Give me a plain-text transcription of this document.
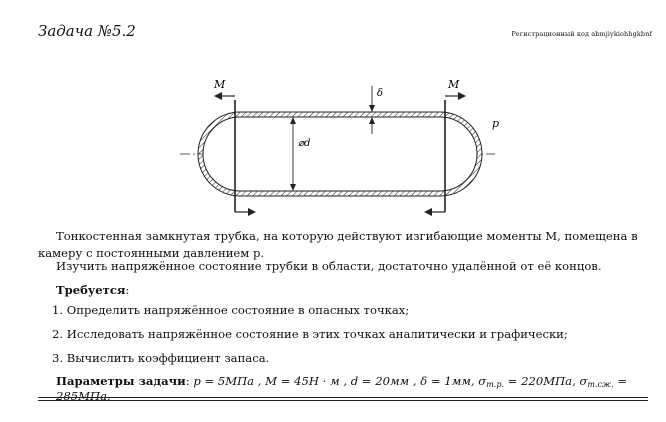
Задача №5.2	Регистрационный код abmjiykiohhgkbnf
M	M
δ
p
⌀d
Тонкостенная замкнутая трубка, на которую действуют изгибающие моменты M, помещена в камеру с постоянными давлением p.
Изучить напряжённое состояние трубки в области, достаточно удалённой от её концов.
Требуется:
1. Определить напряжённое состояние в опасных точках;
2. Исследовать напряжённое состояние в этих точках аналитически и графически;
3. Вычислить коэффициент запаса.
Параметры задачи: p = 5МПа , M = 45Н · м , d = 20мм , δ = 1мм, $\sigma_{т.р.} = 220МПа$, $\sigma_{т.сж.} = 285МПа$.
